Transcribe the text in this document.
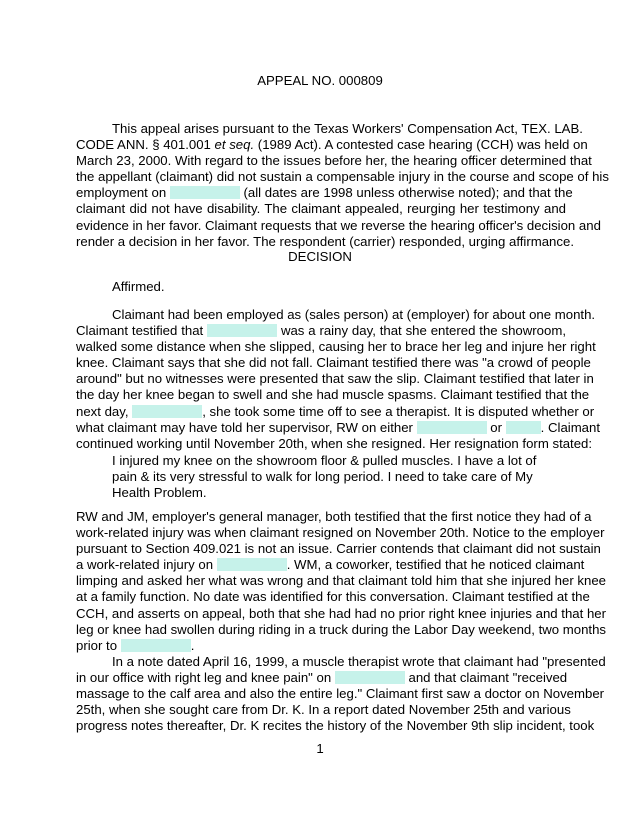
APPEAL NO. 000809
This appeal arises pursuant to the Texas Workers' Compensation Act, TEX. LAB.
CODE ANN. § 401.001 et seq. (1989 Act). A contested case hearing (CCH) was held on
March 23, 2000. With regard to the issues before her, the hearing officer determined that
the appellant (claimant) did not sustain a compensable injury in the course and scope of his
employment on	(all dates are 1998 unless otherwise noted); and that the
claimant did not have disability. The claimant appealed, reurging her testimony and
evidence in her favor. Claimant requests that we reverse the hearing officer's decision and
render a decision in her favor. The respondent (carrier) responded, urging affirmance.
DECISION
Affirmed.
Claimant had been employed as (sales person) at (employer) for about one month.
Claimant testified that	was a rainy day, that she entered the showroom,
walked some distance when she slipped, causing her to brace her leg and injure her right
knee. Claimant says that she did not fall. Claimant testified there was "a crowd of people
around" but no witnesses were presented that saw the slip. Claimant testified that later in
the day her knee began to swell and she had muscle spasms. Claimant testified that the
next day,	, she took some time off to see a therapist. It is disputed whether or
what claimant may have told her supervisor, RW on either	or	. Claimant
continued working until November 20th, when she resigned. Her resignation form stated:
I injured my knee on the showroom floor & pulled muscles. I have a lot of
pain & its very stressful to walk for long period. I need to take care of My
Health Problem.
RW and JM, employer's general manager, both testified that the first notice they had of a
work-related injury was when claimant resigned on November 20th. Notice to the employer
pursuant to Section 409.021 is not an issue. Carrier contends that claimant did not sustain
a work-related injury on	. WM, a coworker, testified that he noticed claimant
limping and asked her what was wrong and that claimant told him that she injured her knee
at a family function. No date was identified for this conversation. Claimant testified at the
CCH, and asserts on appeal, both that she had had no prior right knee injuries and that her
leg or knee had swollen during riding in a truck during the Labor Day weekend, two months
prior to	.
In a note dated April 16, 1999, a muscle therapist wrote that claimant had "presented
in our office with right leg and knee pain" on	and that claimant "received
massage to the calf area and also the entire leg." Claimant first saw a doctor on November
25th, when she sought care from Dr. K. In a report dated November 25th and various
progress notes thereafter, Dr. K recites the history of the November 9th slip incident, took
1
